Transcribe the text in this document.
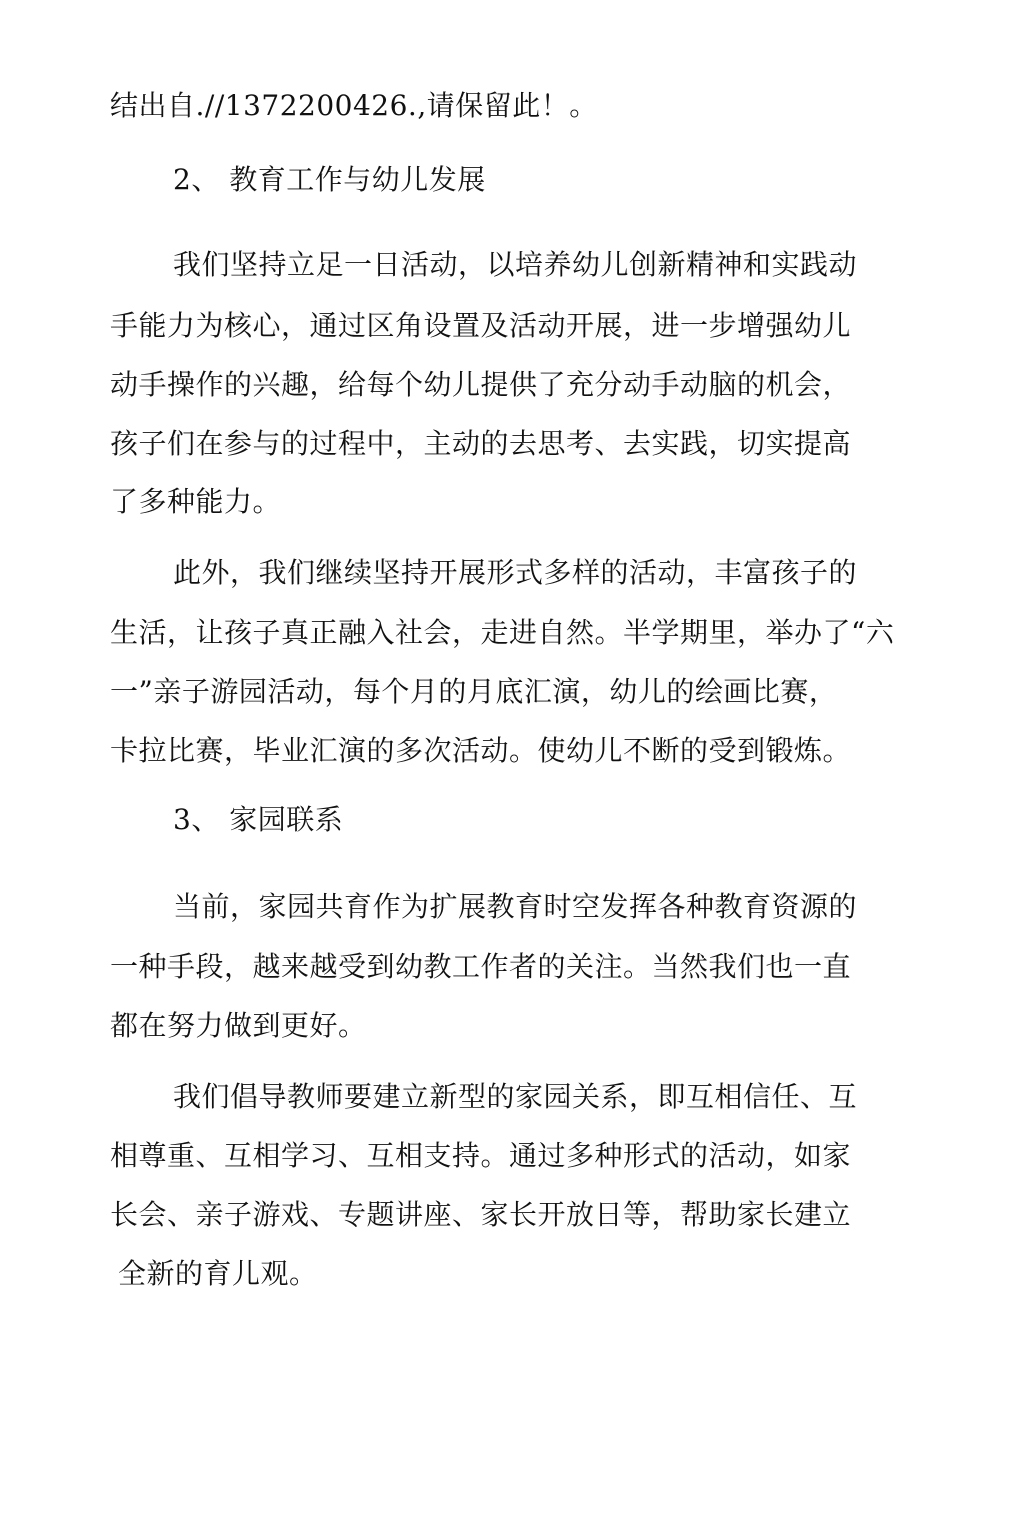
结出自.//1372200426.,请保留此！。
2、 教育工作与幼儿发展
我们坚持立足一日活动，以培养幼儿创新精神和实践动
手能力为核心，通过区角设置及活动开展，进一步增强幼儿
动手操作的兴趣，给每个幼儿提供了充分动手动脑的机会，
孩子们在参与的过程中，主动的去思考、去实践，切实提高
了多种能力。
此外，我们继续坚持开展形式多样的活动，丰富孩子的
生活，让孩子真正融入社会，走进自然。半学期里，举办了“六
一”亲子游园活动，每个月的月底汇演，幼儿的绘画比赛，
卡拉比赛，毕业汇演的多次活动。使幼儿不断的受到锻炼。
3、 家园联系
当前，家园共育作为扩展教育时空发挥各种教育资源的
一种手段，越来越受到幼教工作者的关注。当然我们也一直
都在努力做到更好。
我们倡导教师要建立新型的家园关系，即互相信任、互
相尊重、互相学习、互相支持。通过多种形式的活动，如家
长会、亲子游戏、专题讲座、家长开放日等，帮助家长建立
全新的育儿观。
